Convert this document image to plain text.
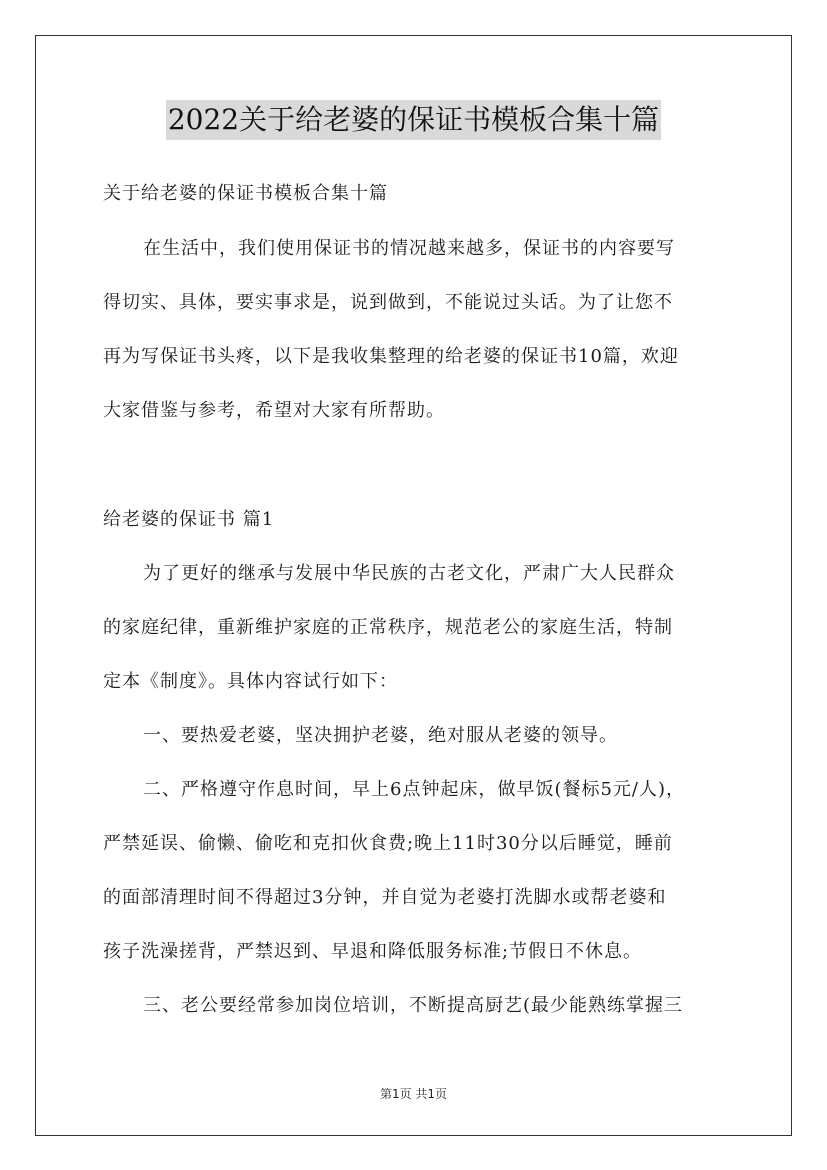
2022关于给老婆的保证书模板合集十篇
关于给老婆的保证书模板合集十篇
在生活中，我们使用保证书的情况越来越多，保证书的内容要写
得切实、具体，要实事求是，说到做到，不能说过头话。为了让您不
再为写保证书头疼，以下是我收集整理的给老婆的保证书10篇，欢迎
大家借鉴与参考，希望对大家有所帮助。
给老婆的保证书 篇1
为了更好的继承与发展中华民族的古老文化，严肃广大人民群众
的家庭纪律，重新维护家庭的正常秩序，规范老公的家庭生活，特制
定本《制度》。具体内容试行如下：
一、要热爱老婆，坚决拥护老婆，绝对服从老婆的领导。
二、严格遵守作息时间，早上6点钟起床，做早饭(餐标5元/人)，
严禁延误、偷懒、偷吃和克扣伙食费;晚上11时30分以后睡觉，睡前
的面部清理时间不得超过3分钟，并自觉为老婆打洗脚水或帮老婆和
孩子洗澡搓背，严禁迟到、早退和降低服务标准;节假日不休息。
三、老公要经常参加岗位培训，不断提高厨艺(最少能熟练掌握三
第1页 共1页
